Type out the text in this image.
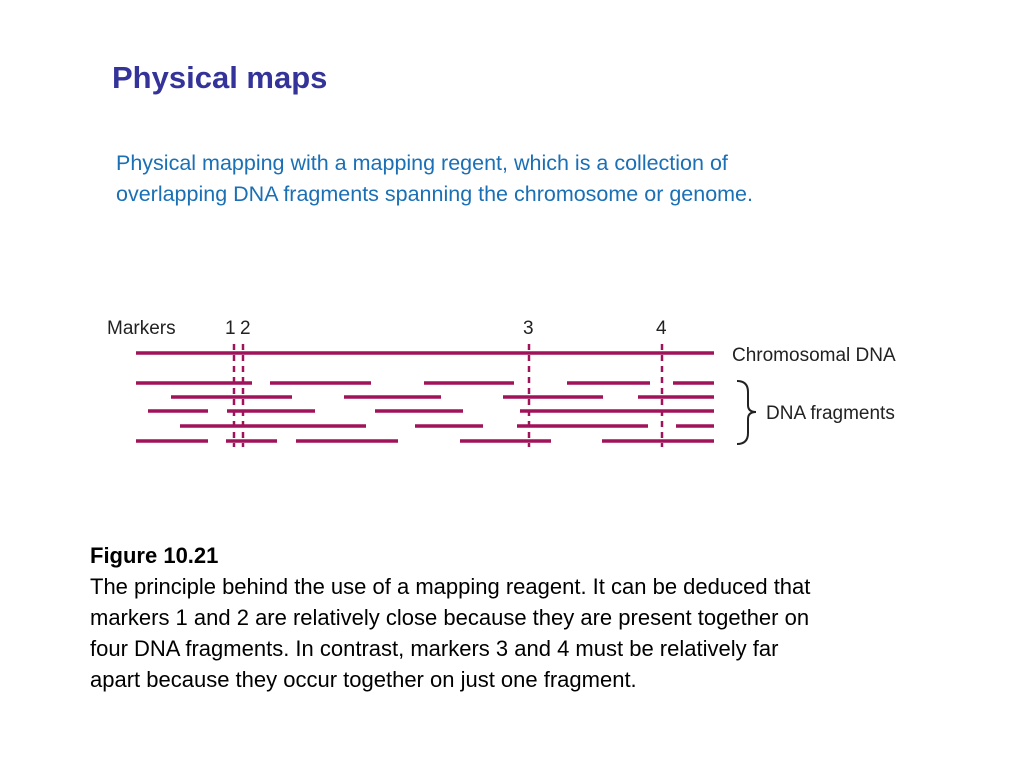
Physical maps
Physical mapping with a mapping regent, which is a collection of
overlapping DNA fragments spanning the chromosome or genome.
Markers	1 2	3	4
Chromosomal DNA
DNA fragments
Figure 10.21
The principle behind the use of a mapping reagent. It can be deduced that
markers 1 and 2 are relatively close because they are present together on
four DNA fragments. In contrast, markers 3 and 4 must be relatively far
apart because they occur together on just one fragment.
